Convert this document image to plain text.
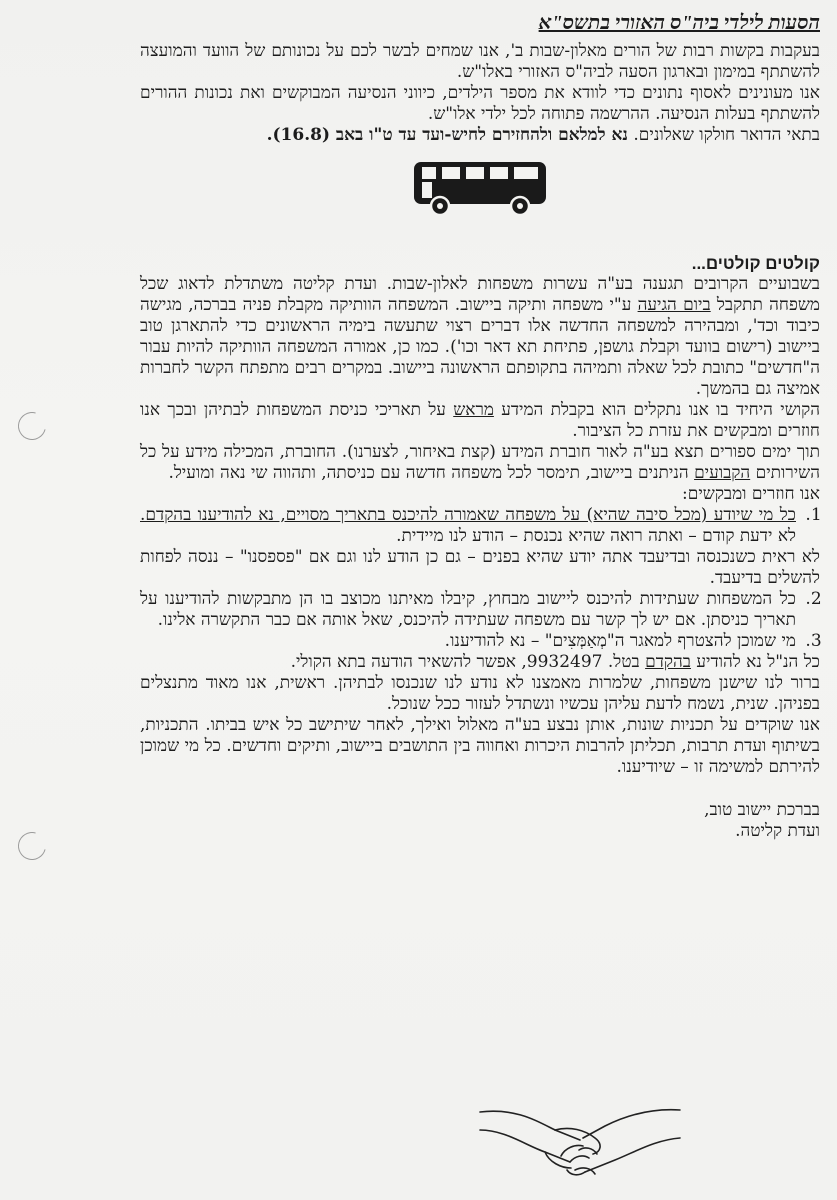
הסעות לילדי ביה"ס האזורי בתשס"א

בעקבות בקשות רבות של הורים מאלון-שבות ב', אנו שמחים לבשר לכם על נכונותם של הוועד והמועצה להשתתף במימון ובארגון הסעה לביה"ס האזורי באלו"ש.

אנו מעונינים לאסוף נתונים כדי לוודא את מספר הילדים, כיווני הנסיעה המבוקשים ואת נכונות ההורים להשתתף בעלות הנסיעה. ההרשמה פתוחה לכל ילדי אלו"ש.

בתאי הדואר חולקו שאלונים. נא למלאם ולהחזירם לחיש-ועד עד ט"ו באב (16.8).

קולטים קולטים...

בשבועיים הקרובים תגענה בע"ה עשרות משפחות לאלון-שבות. ועדת קליטה משתדלת לדאוג שכל משפחה תתקבל ביום הגיעה ע"י משפחה ותיקה ביישוב. המשפחה הוותיקה מקבלת פניה בברכה, מגישה כיבוד וכד', ומבהירה למשפחה החדשה אלו דברים רצוי שתעשה בימיה הראשונים כדי להתארגן טוב ביישוב (רישום בוועד וקבלת גושפן, פתיחת תא דאר וכו'). כמו כן, אמורה המשפחה הוותיקה להיות עבור ה"חדשים" כתובת לכל שאלה ותמיהה בתקופתם הראשונה ביישוב. במקרים רבים מתפתח הקשר לחברות אמיצה גם בהמשך.

הקושי היחיד בו אנו נתקלים הוא בקבלת המידע מראש על תאריכי כניסת המשפחות לבתיהן ובכך אנו חוזרים ומבקשים את עזרת כל הציבור.

תוך ימים ספורים תצא בע"ה לאור חוברת המידע (קצת באיחור, לצערנו). החוברת, המכילה מידע על כל השירותים הקבועים הניתנים ביישוב, תימסר לכל משפחה חדשה עם כניסתה, ותהווה שי נאה ומועיל.

אנו חוזרים ומבקשים:

1. כל מי שיודע (מכל סיבה שהיא) על משפחה שאמורה להיכנס בתאריך מסויים, נא להודיענו בהקדם. לא ידעת קודם – ואתה רואה שהיא נכנסת – הודע לנו מיידית.
לא ראית כשנכנסה ובדיעבד אתה יודע שהיא בפנים – גם כן הודע לנו וגם אם "פספסנו" – ננסה לפחות להשלים בדיעבד.
2. כל המשפחות שעתידות להיכנס ליישוב מבחוץ, קיבלו מאיתנו מכוצב בו הן מתבקשות להודיענו על תאריך כניסתן. אם יש לך קשר עם משפחה שעתידה להיכנס, שאל אותה אם כבר התקשרה אלינו.
3. מי שמוכן להצטרף למאגר ה"מְאַמְּצִים" – נא להודיענו.

כל הנ"ל נא להודיע בהקדם בטל. 9932497, אפשר להשאיר הודעה בתא הקולי.

ברור לנו שישנן משפחות, שלמרות מאמצנו לא נודע לנו שנכנסו לבתיהן. ראשית, אנו מאוד מתנצלים בפניהן. שנית, נשמח לדעת עליהן עכשיו ונשתדל לעזור ככל שנוכל.

אנו שוקדים על תכניות שונות, אותן נבצע בע"ה מאלול ואילך, לאחר שיתישב כל איש בביתו. התכניות, בשיתוף ועדת תרבות, תכליתן להרבות היכרות ואחווה בין התושבים ביישוב, ותיקים וחדשים. כל מי שמוכן להירתם למשימה זו – שיודיענו.

בברכת יישוב טוב,
ועדת קליטה.
